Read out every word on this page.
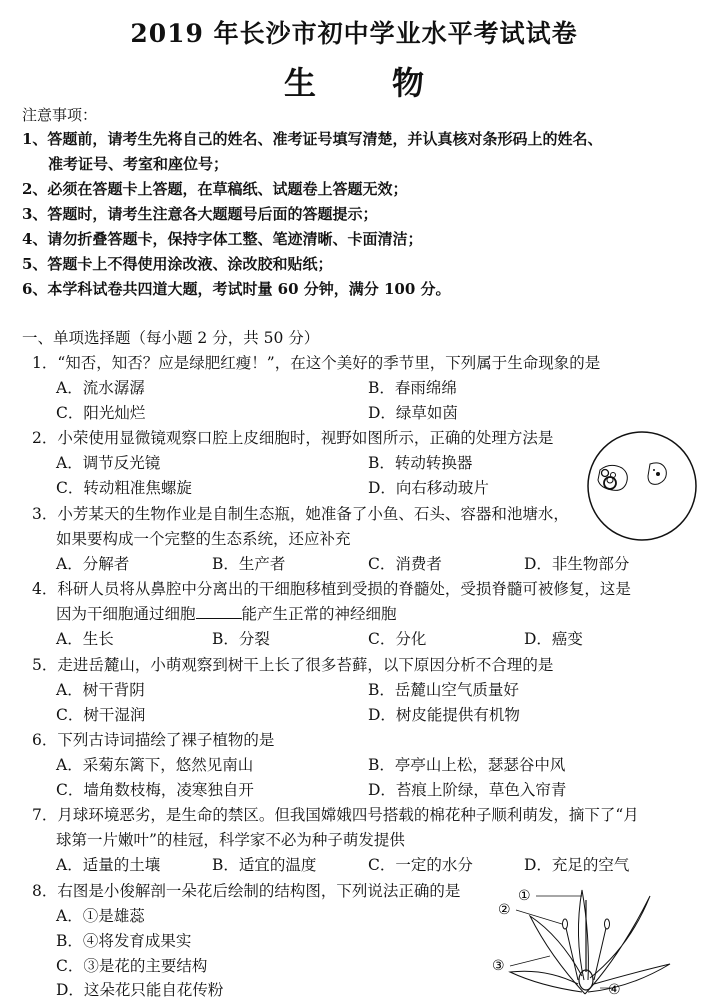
2019 年长沙市初中学业水平考试试卷
生 物
注意事项：
1、答题前，请考生先将自己的姓名、准考证号填写清楚，并认真核对条形码上的姓名、
准考证号、考室和座位号；
2、必须在答题卡上答题，在草稿纸、试题卷上答题无效；
3、答题时，请考生注意各大题题号后面的答题提示；
4、请勿折叠答题卡，保持字体工整、笔迹清晰、卡面清洁；
5、答题卡上不得使用涂改液、涂改胶和贴纸；
6、本学科试卷共四道大题，考试时量 60 分钟，满分 100 分。
一、单项选择题（每小题 2 分，共 50 分）
1．“知否，知否？应是绿肥红瘦！”，在这个美好的季节里，下列属于生命现象的是
A．流水潺潺	B．春雨绵绵
C．阳光灿烂	D．绿草如茵
2．小荣使用显微镜观察口腔上皮细胞时，视野如图所示，正确的处理方法是
A．调节反光镜	B．转动转换器
C．转动粗准焦螺旋	D．向右移动玻片
3．小芳某天的生物作业是自制生态瓶，她准备了小鱼、石头、容器和池塘水，
如果要构成一个完整的生态系统，还应补充
A．分解者	B．生产者	C．消费者	D．非生物部分
4．科研人员将从鼻腔中分离出的干细胞移植到受损的脊髓处，受损脊髓可被修复，这是
因为干细胞通过细胞	能产生正常的神经细胞
A．生长	B．分裂	C．分化	D．癌变
5．走进岳麓山，小萌观察到树干上长了很多苔藓，以下原因分析不合理的是
A．树干背阴	B．岳麓山空气质量好
C．树干湿润	D．树皮能提供有机物
6．下列古诗词描绘了裸子植物的是
A．采菊东篱下，悠然见南山	B．亭亭山上松，瑟瑟谷中风
C．墙角数枝梅，凌寒独自开	D．苔痕上阶绿，草色入帘青
7．月球环境恶劣，是生命的禁区。但我国嫦娥四号搭载的棉花种子顺利萌发，摘下了“月
球第一片嫩叶”的桂冠，科学家不必为种子萌发提供
A．适量的土壤	B．适宜的温度	C．一定的水分	D．充足的空气
8．右图是小俊解剖一朵花后绘制的结构图，下列说法正确的是
A．①是雄蕊
B．④将发育成果实
C．③是花的主要结构
D．这朵花只能自花传粉
①
②
③
④
